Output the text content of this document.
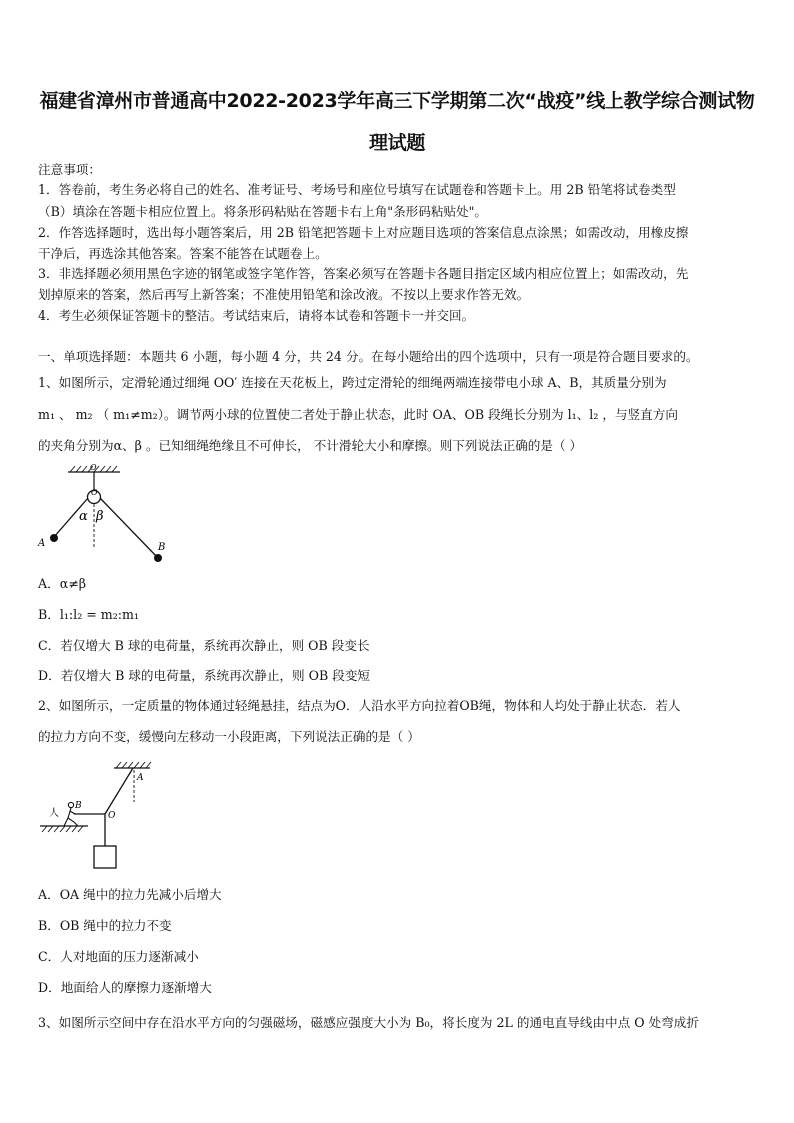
福建省漳州市普通高中2022-2023学年高三下学期第二次“战疫”线上教学综合测试物
理试题
注意事项：
1．答卷前，考生务必将自己的姓名、准考证号、考场号和座位号填写在试题卷和答题卡上。用 2B 铅笔将试卷类型
（B）填涂在答题卡相应位置上。将条形码粘贴在答题卡右上角"条形码粘贴处"。
2．作答选择题时，选出每小题答案后，用 2B 铅笔把答题卡上对应题目选项的答案信息点涂黑；如需改动，用橡皮擦
干净后，再选涂其他答案。答案不能答在试题卷上。
3．非选择题必须用黑色字迹的钢笔或签字笔作答，答案必须写在答题卡各题目指定区域内相应位置上；如需改动，先
划掉原来的答案，然后再写上新答案；不准使用铅笔和涂改液。不按以上要求作答无效。
4．考生必须保证答题卡的整洁。考试结束后，请将本试卷和答题卡一并交回。
一、单项选择题：本题共 6 小题，每小题 4 分，共 24 分。在每小题给出的四个选项中，只有一项是符合题目要求的。
1、如图所示，定滑轮通过细绳 OO′ 连接在天花板上，跨过定滑轮的细绳两端连接带电小球 A、B，其质量分别为
m₁ 、 m₂ （ m₁≠m₂）。调节两小球的位置使二者处于静止状态，此时 OA、OB 段绳长分别为 l₁、l₂ ，与竖直方向
的夹角分别为α、β 。已知细绳绝缘且不可伸长， 不计滑轮大小和摩擦。则下列说法正确的是（ ）
O
O
α β
A	B
A．α≠β
B．l₁:l₂ = m₂:m₁
C．若仅增大 B 球的电荷量，系统再次静止，则 OB 段变长
D．若仅增大 B 球的电荷量，系统再次静止，则 OB 段变短
2、如图所示，一定质量的物体通过轻绳悬挂，结点为O．人沿水平方向拉着OB绳，物体和人均处于静止状态．若人
的拉力方向不变，缓慢向左移动一小段距离，下列说法正确的是（ ）
A
O
B
人
A．OA 绳中的拉力先减小后增大
B．OB 绳中的拉力不变
C．人对地面的压力逐渐减小
D．地面给人的摩擦力逐渐增大
3、如图所示空间中存在沿水平方向的匀强磁场，磁感应强度大小为 B₀，将长度为 2L 的通电直导线由中点 O 处弯成折
